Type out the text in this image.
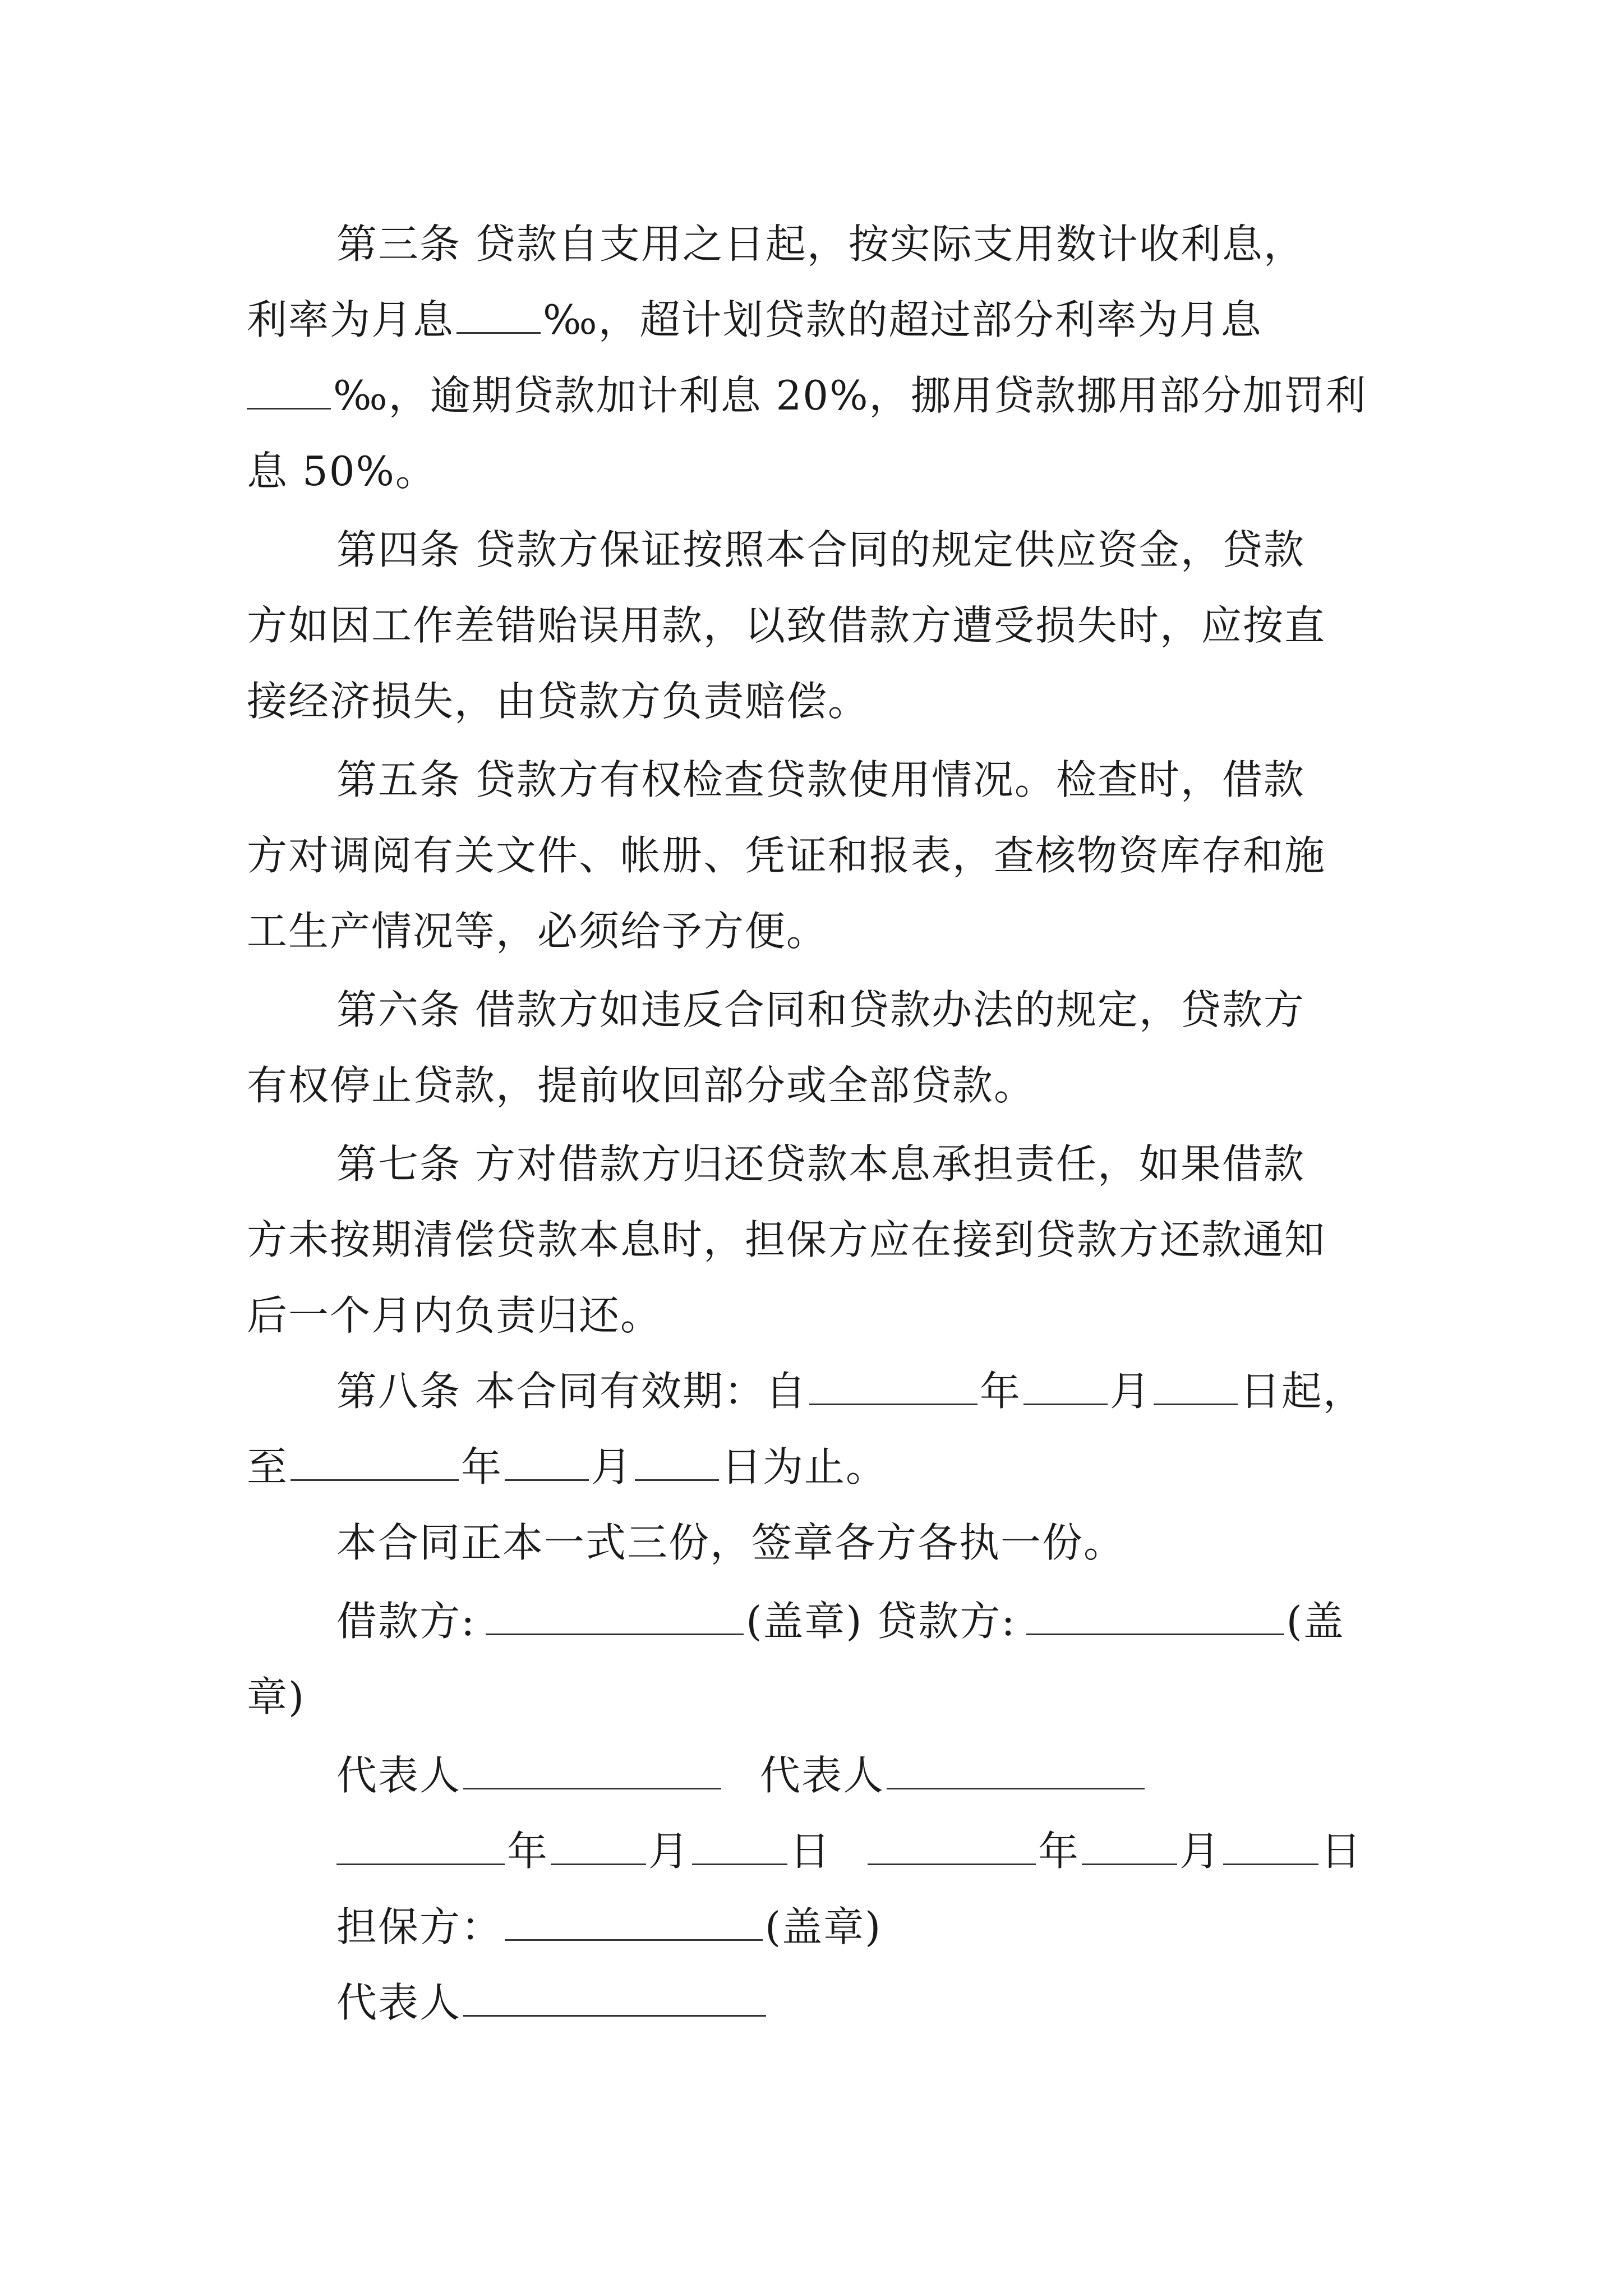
第三条 贷款自支用之日起，按实际支用数计收利息，
利率为月息 ‰，超计划贷款的超过部分利率为月息
‰，逾期贷款加计利息 20%，挪用贷款挪用部分加罚利
息 50%。
第四条 贷款方保证按照本合同的规定供应资金，贷款
方如因工作差错贻误用款，以致借款方遭受损失时，应按直
接经济损失，由贷款方负责赔偿。
第五条 贷款方有权检查贷款使用情况。检查时，借款
方对调阅有关文件、帐册、凭证和报表，查核物资库存和施
工生产情况等，必须给予方便。
第六条 借款方如违反合同和贷款办法的规定，贷款方
有权停止贷款，提前收回部分或全部贷款。
第七条 方对借款方归还贷款本息承担责任，如果借款
方未按期清偿贷款本息时，担保方应在接到贷款方还款通知
后一个月内负责归还。
第八条 本合同有效期：自	年 月 日起，
至	年 月 日为止。
本合同正本一式三份，签章各方各执一份。
借款方:	(盖章) 贷款方:	(盖
章)
代表人	代表人
年 月 日	年 月 日
担保方：	(盖章)
代表人
